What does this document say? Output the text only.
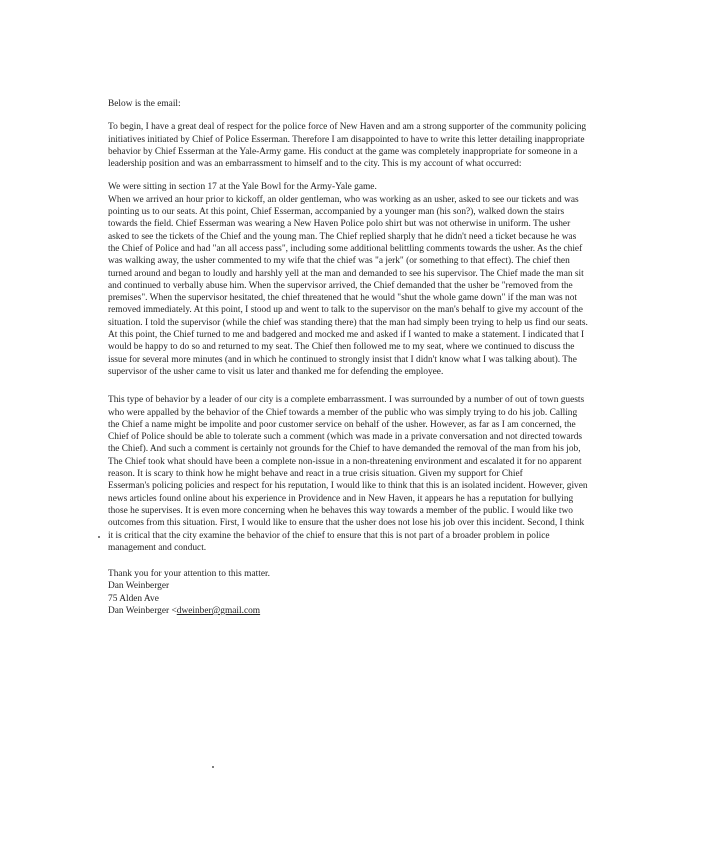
Below is the email:

To begin, I have a great deal of respect for the police force of New Haven and am a strong supporter of the community policing initiatives initiated by Chief of Police Esserman. Therefore I am disappointed to have to write this letter detailing inappropriate behavior by Chief Esserman at the Yale-Army game. His conduct at the game was completely inappropriate for someone in a leadership position and was an embarrassment to himself and to the city. This is my account of what occurred:

We were sitting in section 17 at the Yale Bowl for the Army-Yale game.

When we arrived an hour prior to kickoff, an older gentleman, who was working as an usher, asked to see our tickets and was pointing us to our seats. At this point, Chief Esserman, accompanied by a younger man (his son?), walked down the stairs towards the field. Chief Esserman was wearing a New Haven Police polo shirt but was not otherwise in uniform. The usher asked to see the tickets of the Chief and the young man. The Chief replied sharply that he didn't need a ticket because he was the Chief of Police and had "an all access pass", including some additional belittling comments towards the usher. As the chief was walking away, the usher commented to my wife that the chief was "a jerk" (or something to that effect). The chief then turned around and began to loudly and harshly yell at the man and demanded to see his supervisor. The Chief made the man sit and continued to verbally abuse him. When the supervisor arrived, the Chief demanded that the usher be "removed from the premises". When the supervisor hesitated, the chief threatened that he would "shut the whole game down" if the man was not removed immediately. At this point, I stood up and went to talk to the supervisor on the man's behalf to give my account of the situation. I told the supervisor (while the chief was standing there) that the man had simply been trying to help us find our seats. At this point, the Chief turned to me and badgered and mocked me and asked if I wanted to make a statement. I indicated that I would be happy to do so and returned to my seat. The Chief then followed me to my seat, where we continued to discuss the issue for several more minutes (and in which he continued to strongly insist that I didn't know what I was talking about). The supervisor of the usher came to visit us later and thanked me for defending the employee.

This type of behavior by a leader of our city is a complete embarrassment. I was surrounded by a number of out of town guests who were appalled by the behavior of the Chief towards a member of the public who was simply trying to do his job. Calling the Chief a name might be impolite and poor customer service on behalf of the usher. However, as far as I am concerned, the Chief of Police should be able to tolerate such a comment (which was made in a private conversation and not directed towards the Chief). And such a comment is certainly not grounds for the Chief to have demanded the removal of the man from his job, The Chief took what should have been a complete non-issue in a non-threatening environment and escalated it for no apparent reason. It is scary to think how he might behave and react in a true crisis situation. Given my support for Chief

Esserman's policing policies and respect for his reputation, I would like to think that this is an isolated incident. However, given news articles found online about his experience in Providence and in New Haven, it appears he has a reputation for bullying those he supervises. It is even more concerning when he behaves this way towards a member of the public. I would like two outcomes from this situation. First, I would like to ensure that the usher does not lose his job over this incident. Second, I think it is critical that the city examine the behavior of the chief to ensure that this is not part of a broader problem in police management and conduct.

Thank you for your attention to this matter.

Dan Weinberger

75 Alden Ave

Dan Weinberger <dweinber@gmail.com
